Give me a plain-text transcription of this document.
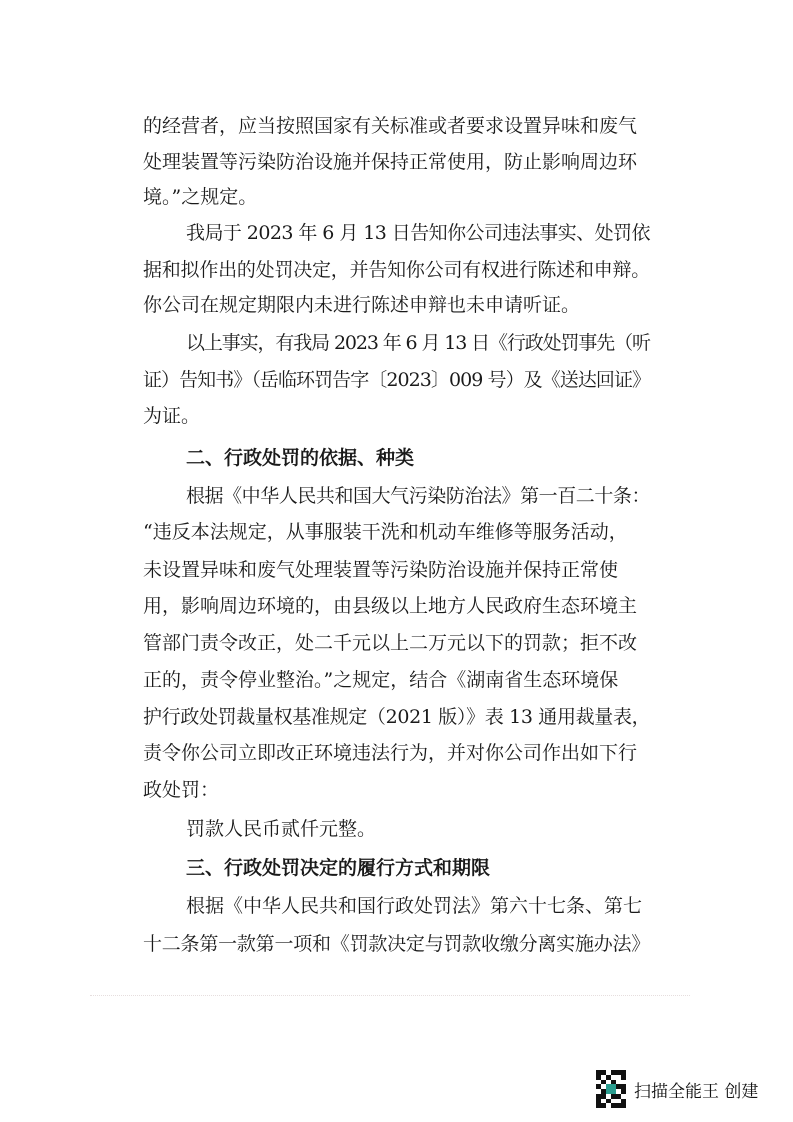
的经营者，应当按照国家有关标准或者要求设置异味和废气
处理装置等污染防治设施并保持正常使用，防止影响周边环
境。”之规定。
我局于 2023 年 6 月 13 日告知你公司违法事实、处罚依
据和拟作出的处罚决定，并告知你公司有权进行陈述和申辩。
你公司在规定期限内未进行陈述申辩也未申请听证。
以上事实，有我局 2023 年 6 月 13 日《行政处罚事先（听
证）告知书》（岳临环罚告字〔2023〕009 号）及《送达回证》
为证。
二、行政处罚的依据、种类
根据《中华人民共和国大气污染防治法》第一百二十条：
“违反本法规定，从事服装干洗和机动车维修等服务活动，
未设置异味和废气处理装置等污染防治设施并保持正常使
用，影响周边环境的，由县级以上地方人民政府生态环境主
管部门责令改正，处二千元以上二万元以下的罚款；拒不改
正的，责令停业整治。”之规定，结合《湖南省生态环境保
护行政处罚裁量权基准规定（2021 版）》表 13 通用裁量表，
责令你公司立即改正环境违法行为，并对你公司作出如下行
政处罚：
罚款人民币贰仟元整。
三、行政处罚决定的履行方式和期限
根据《中华人民共和国行政处罚法》第六十七条、第七
十二条第一款第一项和《罚款决定与罚款收缴分离实施办法》
扫描全能王 创建
